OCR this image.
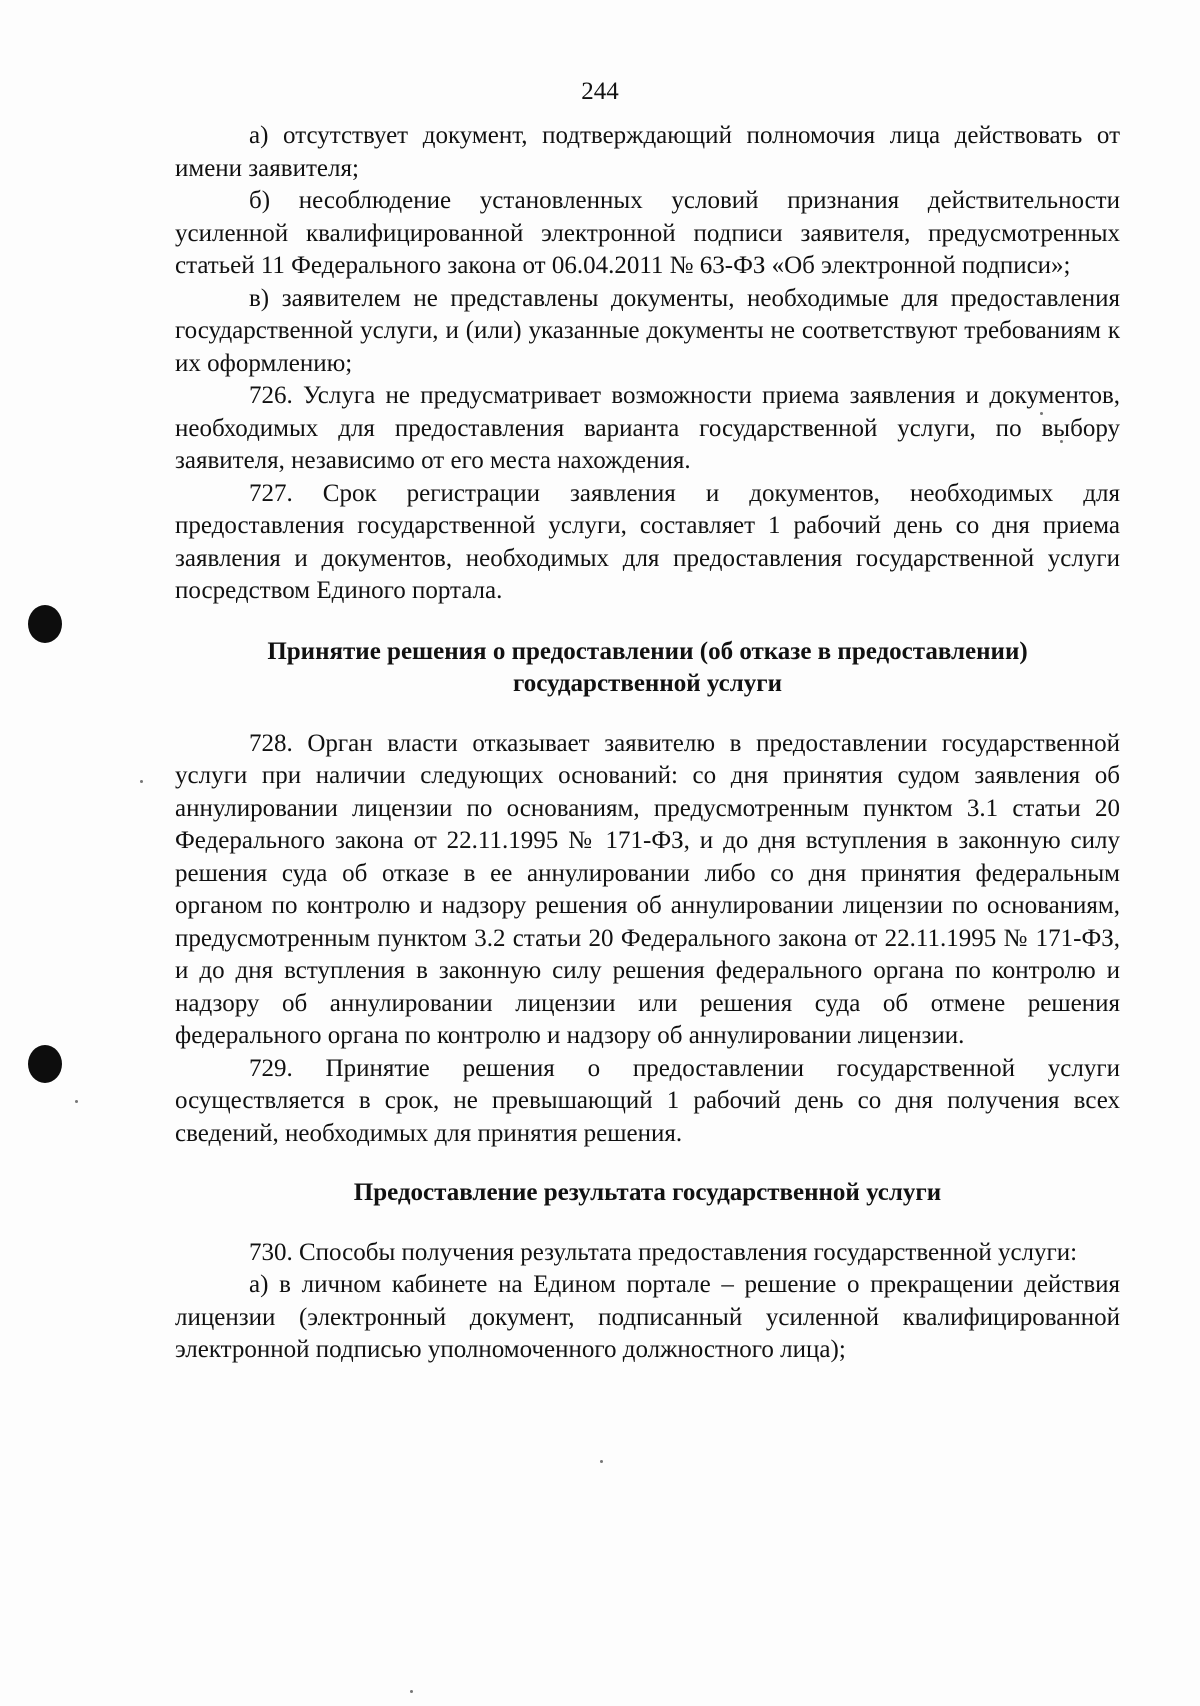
244

а) отсутствует документ, подтверждающий полномочия лица действовать от имени заявителя;

б) несоблюдение установленных условий признания действительности усиленной квалифицированной электронной подписи заявителя, предусмотренных статьей 11 Федерального закона от 06.04.2011 № 63-ФЗ «Об электронной подписи»;

в) заявителем не представлены документы, необходимые для предоставления государственной услуги, и (или) указанные документы не соответствуют требованиям к их оформлению;

726. Услуга не предусматривает возможности приема заявления и документов, необходимых для предоставления варианта государственной услуги, по выбору заявителя, независимо от его места нахождения.

727. Срок регистрации заявления и документов, необходимых для предоставления государственной услуги, составляет 1 рабочий день со дня приема заявления и документов, необходимых для предоставления государственной услуги посредством Единого портала.

Принятие решения о предоставлении (об отказе в предоставлении) государственной услуги

728. Орган власти отказывает заявителю в предоставлении государственной услуги при наличии следующих оснований: со дня принятия судом заявления об аннулировании лицензии по основаниям, предусмотренным пунктом 3.1 статьи 20 Федерального закона от 22.11.1995 № 171-ФЗ, и до дня вступления в законную силу решения суда об отказе в ее аннулировании либо со дня принятия федеральным органом по контролю и надзору решения об аннулировании лицензии по основаниям, предусмотренным пунктом 3.2 статьи 20 Федерального закона от 22.11.1995 № 171-ФЗ, и до дня вступления в законную силу решения федерального органа по контролю и надзору об аннулировании лицензии или решения суда об отмене решения федерального органа по контролю и надзору об аннулировании лицензии.

729. Принятие решения о предоставлении государственной услуги осуществляется в срок, не превышающий 1 рабочий день со дня получения всех сведений, необходимых для принятия решения.

Предоставление результата государственной услуги

730. Способы получения результата предоставления государственной услуги:

а) в личном кабинете на Едином портале – решение о прекращении действия лицензии (электронный документ, подписанный усиленной квалифицированной электронной подписью уполномоченного должностного лица);
